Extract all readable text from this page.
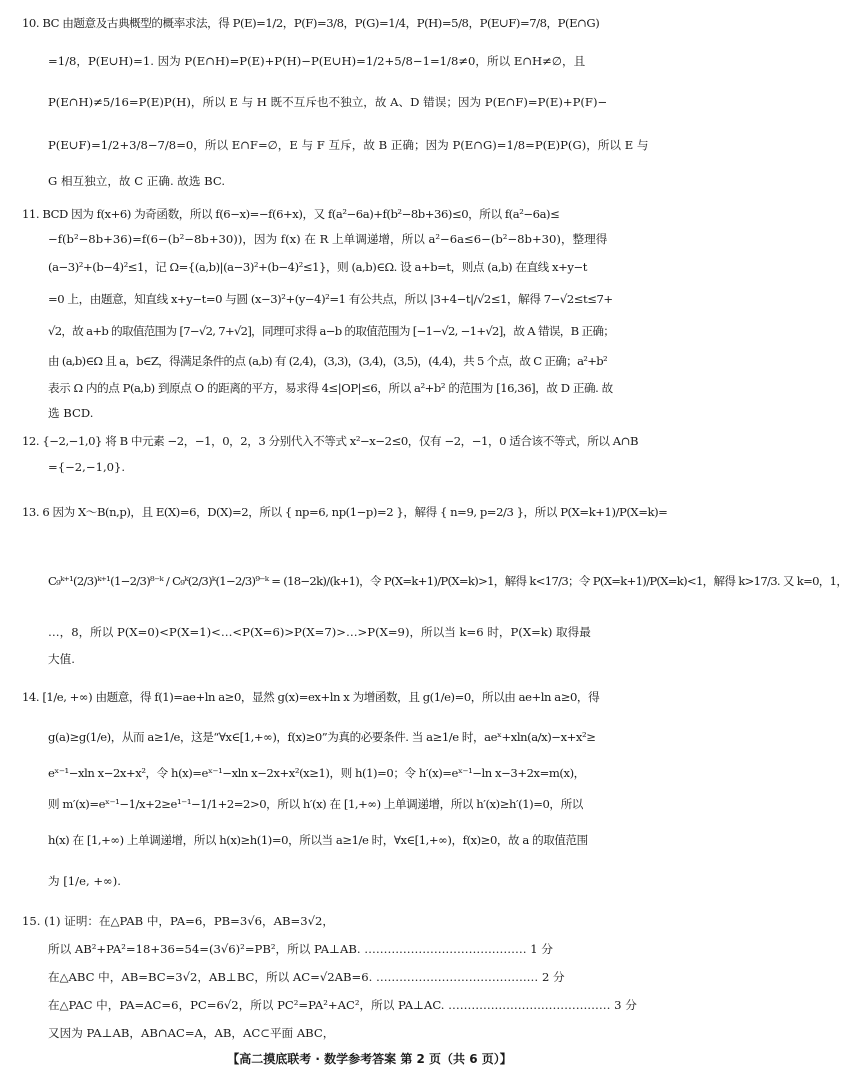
10. BC 由题意及古典概型的概率求法，得 P(E)=1/2，P(F)=3/8，P(G)=1/4，P(H)=5/8，P(E∪F)=7/8，P(E∩G)
=1/8，P(E∪H)=1. 因为 P(E∩H)=P(E)+P(H)−P(E∪H)=1/2+5/8−1=1/8≠0，所以 E∩H≠∅，且
P(E∩H)≠5/16=P(E)P(H)，所以 E 与 H 既不互斥也不独立，故 A、D 错误；因为 P(E∩F)=P(E)+P(F)−
P(E∪F)=1/2+3/8−7/8=0，所以 E∩F=∅，E 与 F 互斥，故 B 正确；因为 P(E∩G)=1/8=P(E)P(G)，所以 E 与
G 相互独立，故 C 正确. 故选 BC.
11. BCD 因为 f(x+6) 为奇函数，所以 f(6−x)=−f(6+x)，又 f(a²−6a)+f(b²−8b+36)≤0，所以 f(a²−6a)≤
−f(b²−8b+36)=f(6−(b²−8b+30))，因为 f(x) 在 R 上单调递增，所以 a²−6a≤6−(b²−8b+30)，整理得
(a−3)²+(b−4)²≤1，记 Ω={(a,b)|(a−3)²+(b−4)²≤1}，则 (a,b)∈Ω. 设 a+b=t，则点 (a,b) 在直线 x+y−t
=0 上，由题意，知直线 x+y−t=0 与圆 (x−3)²+(y−4)²=1 有公共点，所以 |3+4−t|/√2≤1，解得 7−√2≤t≤7+
√2，故 a+b 的取值范围为 [7−√2, 7+√2]，同理可求得 a−b 的取值范围为 [−1−√2, −1+√2]，故 A 错误，B 正确；
由 (a,b)∈Ω 且 a，b∈Z，得满足条件的点 (a,b) 有 (2,4)，(3,3)，(3,4)，(3,5)，(4,4)，共 5 个点，故 C 正确；a²+b²
表示 Ω 内的点 P(a,b) 到原点 O 的距离的平方，易求得 4≤|OP|≤6，所以 a²+b² 的范围为 [16,36]，故 D 正确. 故
选 BCD.
12. {−2,−1,0} 将 B 中元素 −2，−1，0，2，3 分别代入不等式 x²−x−2≤0，仅有 −2，−1，0 适合该不等式，所以 A∩B
={−2,−1,0}.
13. 6 因为 X～B(n,p)，且 E(X)=6，D(X)=2，所以 { np=6, np(1−p)=2 }，解得 { n=9, p=2/3 }，所以 P(X=k+1)/P(X=k)=
C₉ᵏ⁺¹(2/3)ᵏ⁺¹(1−2/3)⁸⁻ᵏ / C₉ᵏ(2/3)ᵏ(1−2/3)⁹⁻ᵏ = (18−2k)/(k+1)，令 P(X=k+1)/P(X=k)>1，解得 k<17/3；令 P(X=k+1)/P(X=k)<1，解得 k>17/3. 又 k=0，1，
…，8，所以 P(X=0)<P(X=1)<…<P(X=6)>P(X=7)>…>P(X=9)，所以当 k=6 时，P(X=k) 取得最
大值.
14. [1/e, +∞) 由题意，得 f(1)=ae+ln a≥0，显然 g(x)=ex+ln x 为增函数，且 g(1/e)=0，所以由 ae+ln a≥0，得
g(a)≥g(1/e)，从而 a≥1/e，这是“∀x∈[1,+∞)，f(x)≥0”为真的必要条件. 当 a≥1/e 时，aeˣ+xln(a/x)−x+x²≥
eˣ⁻¹−xln x−2x+x²，令 h(x)=eˣ⁻¹−xln x−2x+x²(x≥1)，则 h(1)=0；令 h′(x)=eˣ⁻¹−ln x−3+2x=m(x)，
则 m′(x)=eˣ⁻¹−1/x+2≥e¹⁻¹−1/1+2=2>0，所以 h′(x) 在 [1,+∞) 上单调递增，所以 h′(x)≥h′(1)=0，所以
h(x) 在 [1,+∞) 上单调递增，所以 h(x)≥h(1)=0，所以当 a≥1/e 时，∀x∈[1,+∞)，f(x)≥0，故 a 的取值范围
为 [1/e, +∞).
15. (1) 证明：在△PAB 中，PA=6，PB=3√6，AB=3√2，
所以 AB²+PA²=18+36=54=(3√6)²=PB²，所以 PA⊥AB. …………………………………… 1 分
在△ABC 中，AB=BC=3√2，AB⊥BC，所以 AC=√2AB=6. …………………………………… 2 分
在△PAC 中，PA=AC=6，PC=6√2，所以 PC²=PA²+AC²，所以 PA⊥AC. …………………………………… 3 分
又因为 PA⊥AB，AB∩AC=A，AB，AC⊂平面 ABC，
【高二摸底联考 · 数学参考答案 第 2 页（共 6 页）】
